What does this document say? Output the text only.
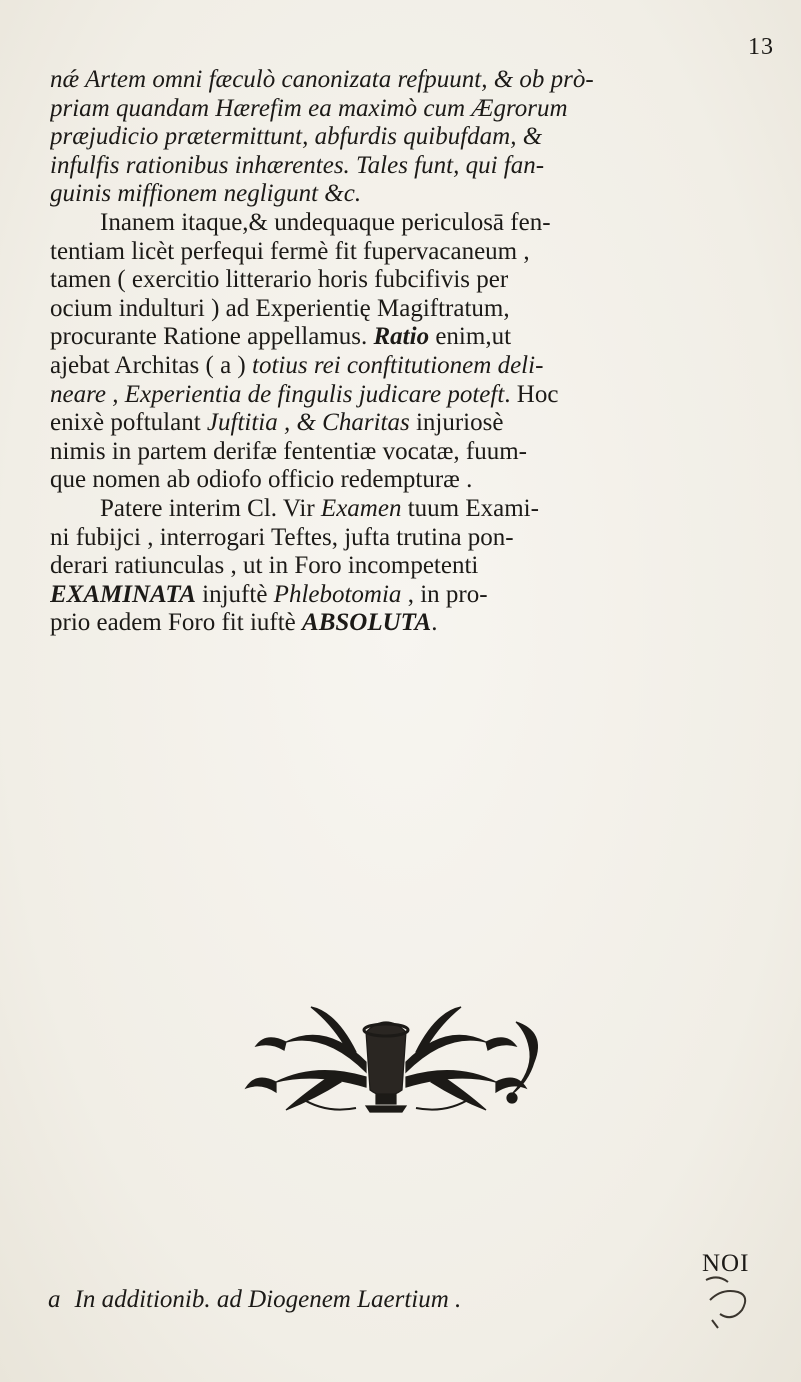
13
nǽ Artem omni fæculò canonizata refpuunt, & ob prò-
priam quandam Hærefim ea maximò cum Ægrorum
præjudicio prætermittunt, abfurdis quibufdam, &
infulfis rationibus inhærentes. Tales funt, qui fan-
guinis miffionem negligunt &c.
  Inanem itaque,& undequaque periculosā fen-
tentiam licèt perfequi fermè fit fupervacaneum ,
tamen ( exercitio litterario horis fubcifivis per
ocium indulturi ) ad Experientię Magiftratum,
procurante Ratione appellamus. Ratio enim,ut
ajebat Architas ( a ) totius rei conftitutionem deli-
neare , Experientia de fingulis judicare poteft. Hoc
enixè poftulant Juftitia , & Charitas injuriosè
nimis in partem derifæ fententiæ vocatæ, fuum-
que nomen ab odiofo officio redempturæ .
  Patere interim Cl. Vir Examen tuum Exami-
ni fubijci , interrogari Teftes, jufta trutina pon-
derari ratiunculas , ut in Foro incompetenti
EXAMINATA injuftè Phlebotomia , in pro-
prio eadem Foro fit iuftè ABSOLUTA.
NOI
a In additionib. ad Diogenem Laertium .
